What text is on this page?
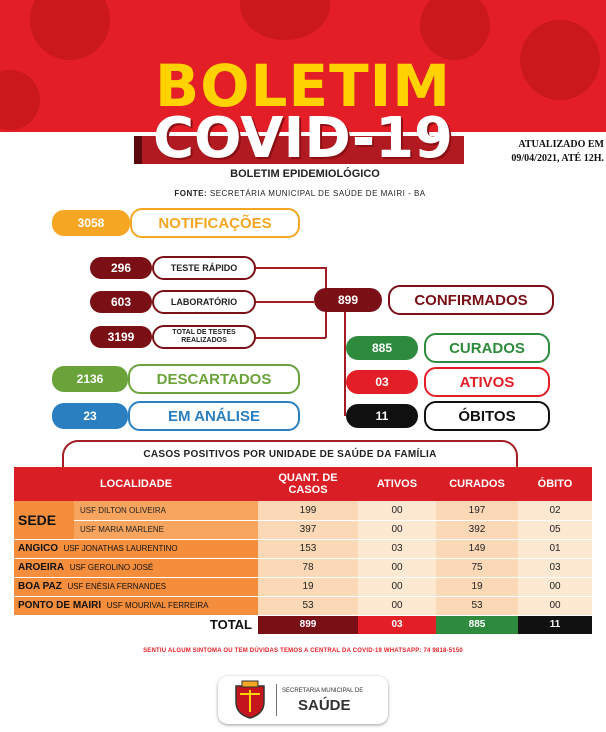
BOLETIM
COVID-19	ATUALIZADO EM
09/04/2021, ATÉ 12H.
BOLETIM EPIDEMIOLÓGICO
FONTE: SECRETÁRIA MUNICIPAL DE SAÚDE DE MAIRI - BA
3058	NOTIFICAÇÕES
296	TESTE RÁPIDO
603	LABORATÓRIO
3199	TOTAL DE TESTES
REALIZADOS
899	CONFIRMADOS
885	CURADOS
03	ATIVOS
11	ÓBITOS
2136	DESCARTADOS
23	EM ANÁLISE
CASOS POSITIVOS POR UNIDADE DE SAÚDE DA FAMÍLIA
LOCALIDADE		QUANT. DE CASOS	ATIVOS	CURADOS	ÓBITO
SEDE	USF DILTON OLIVEIRA	199	00	197	02
	USF MARIA MARLENE	397	00	392	05
ANGICO USF JONATHAS LAURENTINO		153	03	149	01
AROEIRA USF GEROLINO JOSÉ		78	00	75	03
BOA PAZ USF ENÉSIA FERNANDES		19	00	19	00
PONTO DE MAIRI USF MOURIVAL FERREIRA		53	00	53	00
TOTAL		899	03	885	11
SENTIU ALGUM SINTOMA OU TEM DÚVIDAS TEMOS A CENTRAL DA COVID-19 WHATSAPP: 74 9818-5150
SECRETARIA MUNICIPAL DE
SAÚDE
